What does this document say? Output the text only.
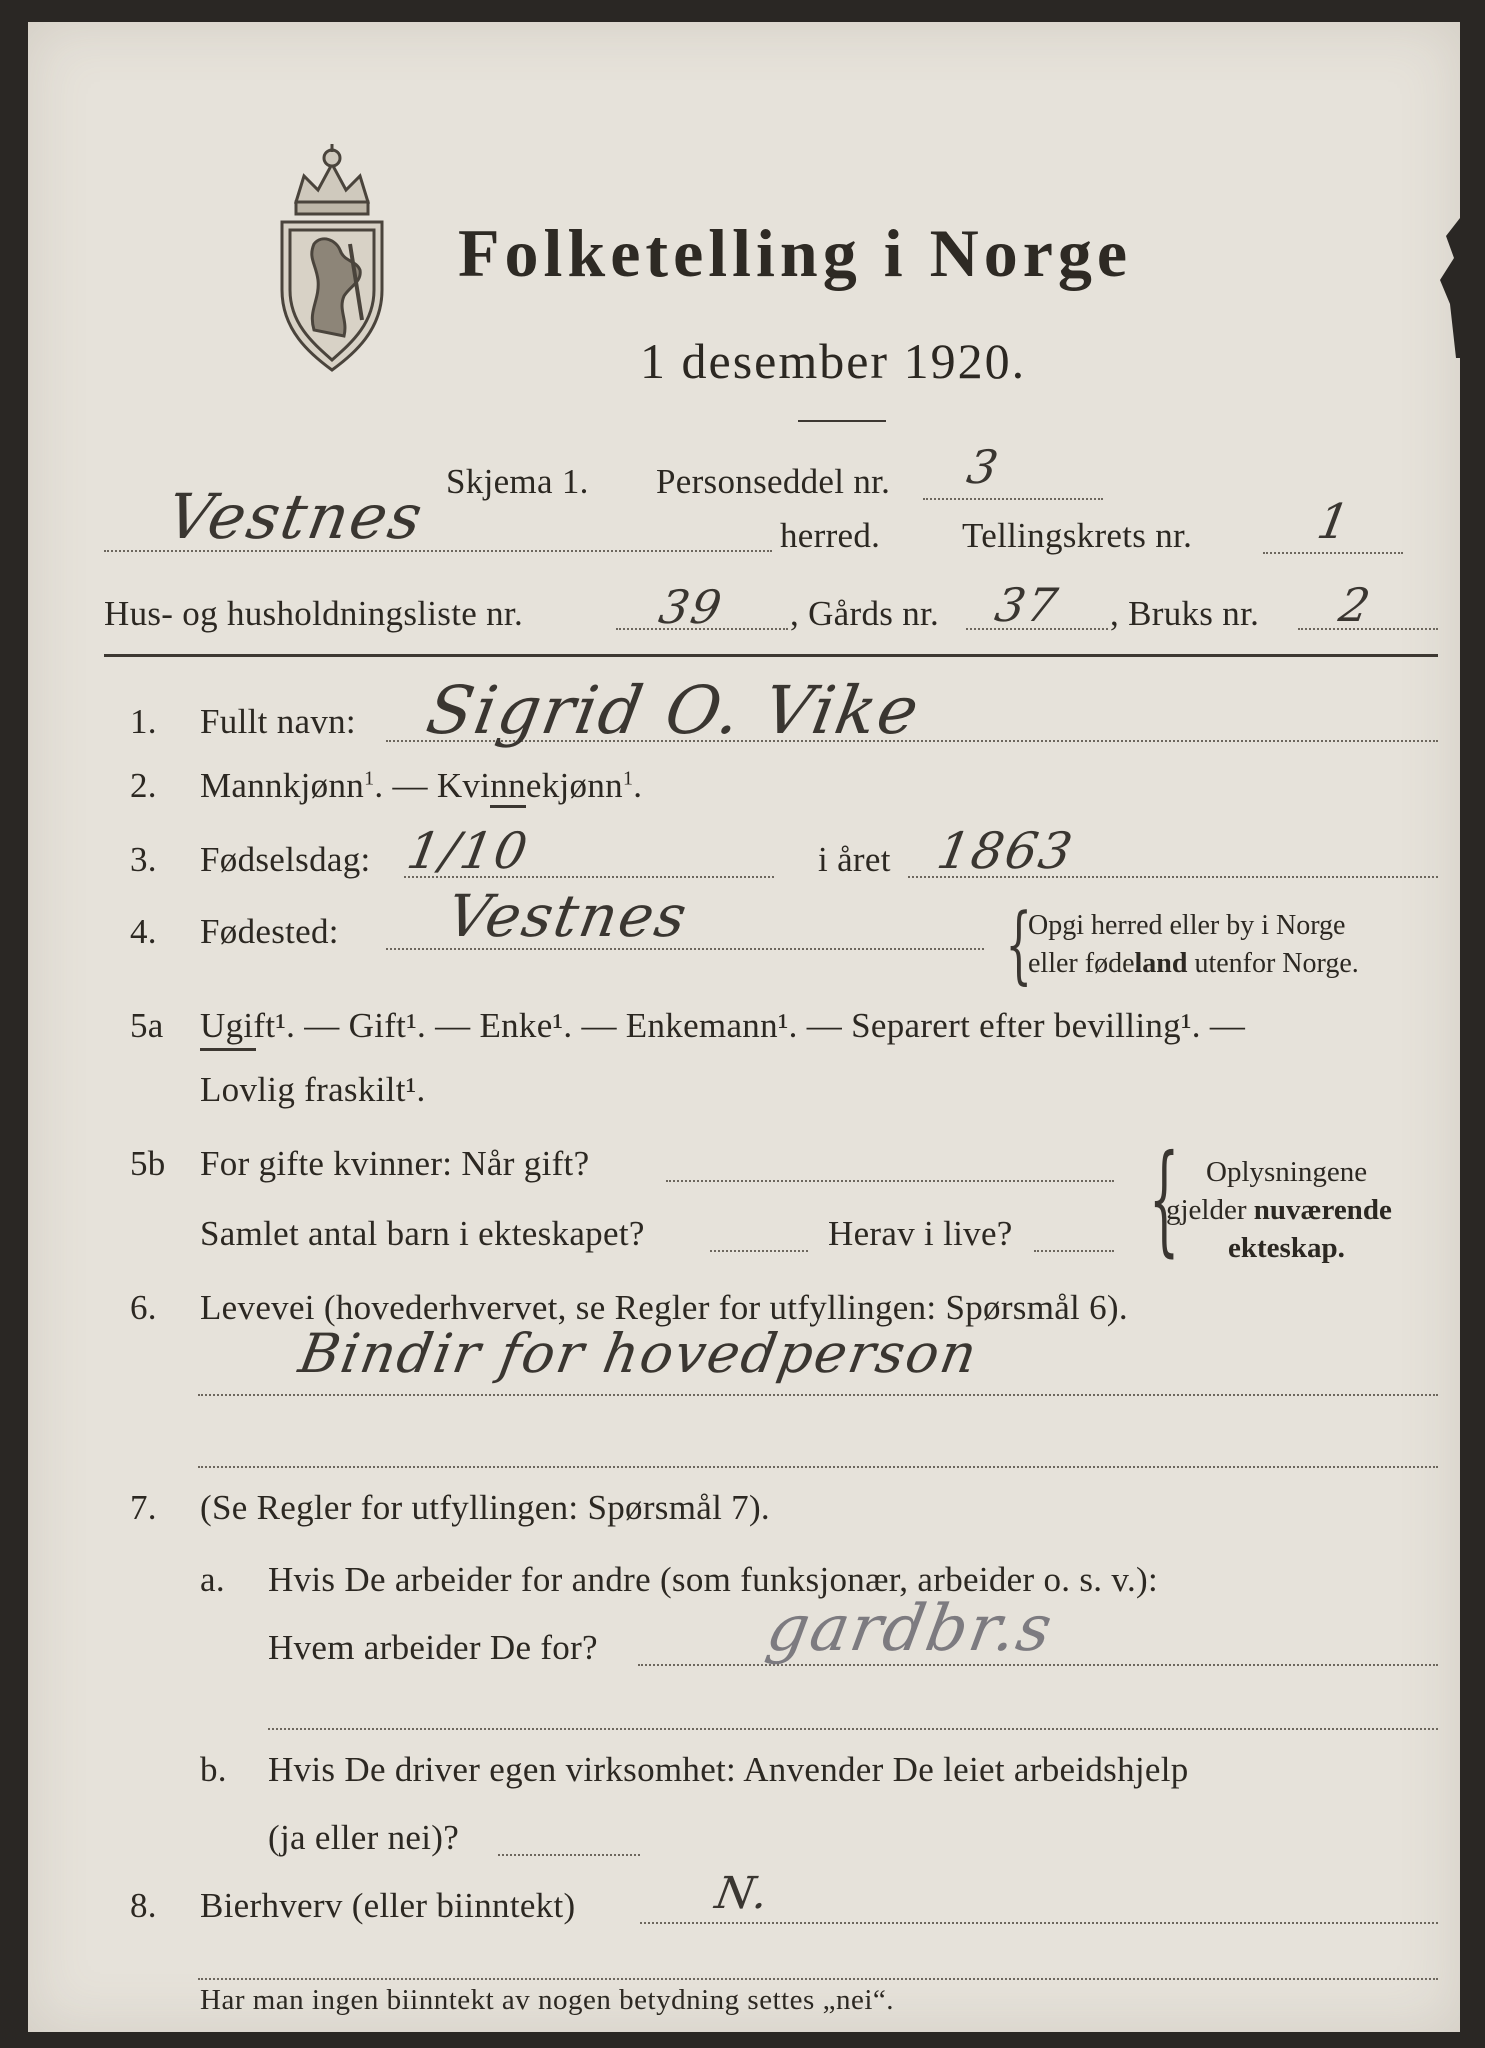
Folketelling i Norge
1 desember 1920.
Skjema 1. Personseddel nr. 3
Vestnes	herred. Tellingskrets nr.	1
Hus- og husholdningsliste nr.	39 , Gårds nr. 37 , Bruks nr. 2
1. Fullt navn: Sigrid O. Vike
2. Mannkjønn$^1$. — Kvinnekjønn$^1$.
3. Fødselsdag: 1/10	i året 1863
4. Fødested: Vestnes	{
Opgi herred eller by i Norge
eller fødeland utenfor Norge.
5a Ugift¹. — Gift¹. — Enke¹. — Enkemann¹. — Separert efter bevilling¹. —
Lovlig fraskilt¹.
5b For gifte kvinner: Når gift?
Samlet antal barn i ekteskapet?	Herav i live? { Oplysningene
gjelder nuværende
ekteskap.
6. Levevei (hovederhvervet, se Regler for utfyllingen: Spørsmål 6).
Bindir for hovedperson
7. (Se Regler for utfyllingen: Spørsmål 7).
a. Hvis De arbeider for andre (som funksjonær, arbeider o. s. v.):
Hvem arbeider De for?	gardbr.s
b. Hvis De driver egen virksomhet: Anvender De leiet arbeidshjelp
(ja eller nei)?
8. Bierhverv (eller biinntekt)	N.
Har man ingen biinntekt av nogen betydning settes „nei“.
